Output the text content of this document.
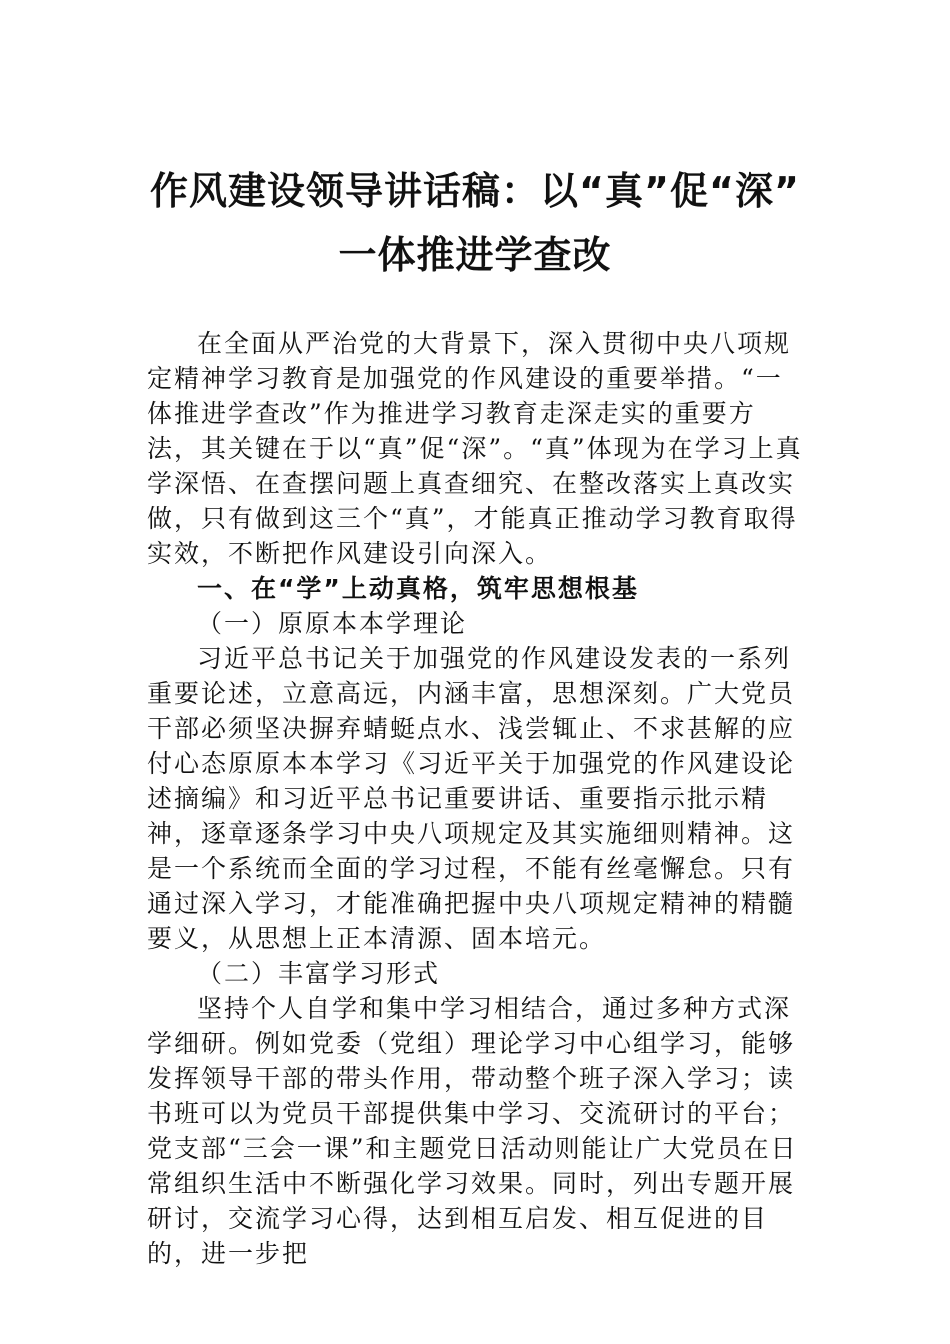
作风建设领导讲话稿：以“真”促“深”
一体推进学查改

在全面从严治党的大背景下，深入贯彻中央八项规定精神学习教育是加强党的作风建设的重要举措。“一体推进学查改”作为推进学习教育走深走实的重要方法，其关键在于以“真”促“深”。“真”体现为在学习上真学深悟、在查摆问题上真查细究、在整改落实上真改实做，只有做到这三个“真”，才能真正推动学习教育取得实效，不断把作风建设引向深入。

一、在“学”上动真格，筑牢思想根基
（一）原原本本学理论

习近平总书记关于加强党的作风建设发表的一系列重要论述，立意高远，内涵丰富，思想深刻。广大党员干部必须坚决摒弃蜻蜓点水、浅尝辄止、不求甚解的应付心态原原本本学习《习近平关于加强党的作风建设论述摘编》和习近平总书记重要讲话、重要指示批示精神，逐章逐条学习中央八项规定及其实施细则精神。这是一个系统而全面的学习过程，不能有丝毫懈怠。只有通过深入学习，才能准确把握中央八项规定精神的精髓要义，从思想上正本清源、固本培元。

（二）丰富学习形式

坚持个人自学和集中学习相结合，通过多种方式深学细研。例如党委（党组）理论学习中心组学习，能够发挥领导干部的带头作用，带动整个班子深入学习；读书班可以为党员干部提供集中学习、交流研讨的平台；党支部“三会一课”和主题党日活动则能让广大党员在日常组织生活中不断强化学习效果。同时，列出专题开展研讨，交流学习心得，达到相互启发、相互促进的目的，进一步把
